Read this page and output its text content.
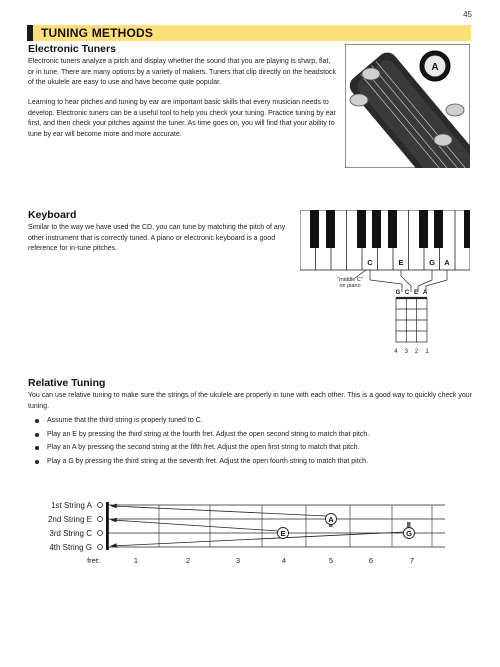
45
TUNING METHODS
Electronic Tuners

Electronic tuners analyze a pitch and display whether the sound that you are playing is sharp, flat, or in tune. There are many options by a variety of makers. Tuners that clip directly on the headstock of the ukulele are easy to use and have become quite popular.

Learning to hear pitches and tuning by ear are important basic skills that every musician needs to develop. Electronic tuners can be a useful tool to help you check your tuning. Practice tuning by ear first, and then check your pitches against the tuner. As time goes on, you will find that your ability to tune by ear will become more and more accurate.

A
Keyboard

Similar to the way we have used the CD, you can tune by matching the pitch of any other instrument that is correctly tuned. A piano or electronic keyboard is a good reference for in-tune pitches.

C	E	G A
"middle C"
on piano
G C E A
4 3 2 1
Relative Tuning

You can use relative tuning to make sure the strings of the ukulele are properly in tune with each other. This is a good way to quickly check your tuning.

Assume that the third string is properly tuned to C.
Play an E by pressing the third string at the fourth fret. Adjust the open second string to match that pitch.
Play an A by pressing the second string at the fifth fret. Adjust the open first string to match that pitch.
Play a G by pressing the third string at the seventh fret. Adjust the open fourth string to match that pitch.
1st String A
2nd String E
3rd String C
4th String G
E
A
G
fret:	1	2	3	4	5	6	7
